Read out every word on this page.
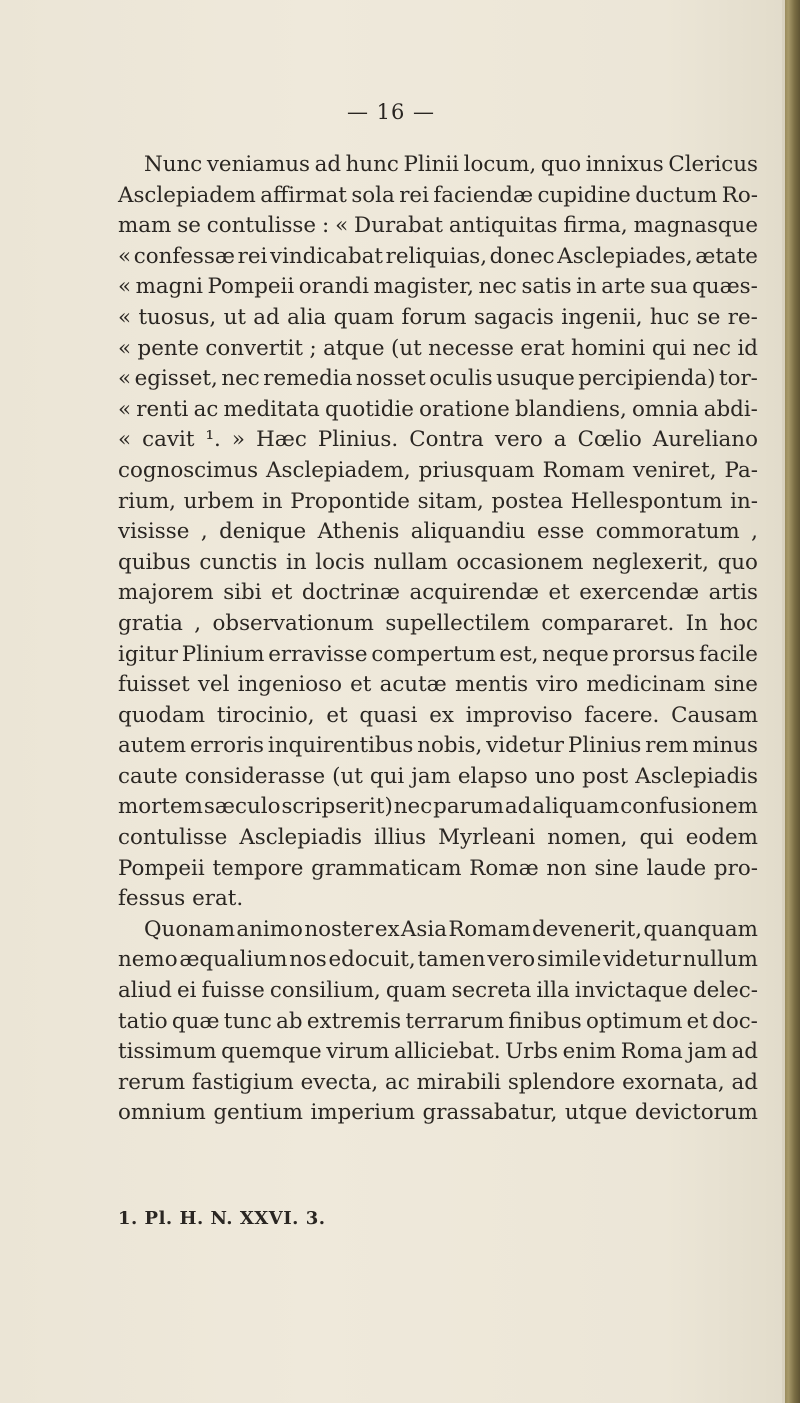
— 16 —
Nunc veniamus ad hunc Plinii locum, quo innixus Clericus
Asclepiadem affirmat sola rei faciendæ cupidine ductum Ro-
mam se contulisse : « Durabat antiquitas firma, magnasque
« confessæ rei vindicabat reliquias, donec Asclepiades, ætate
« magni Pompeii orandi magister, nec satis in arte sua quæs-
« tuosus, ut ad alia quam forum sagacis ingenii, huc se re-
« pente convertit ; atque (ut necesse erat homini qui nec id
« egisset, nec remedia nosset oculis usuque percipienda) tor-
« renti ac meditata quotidie oratione blandiens, omnia abdi-
« cavit ¹. » Hæc Plinius. Contra vero a Cœlio Aureliano
cognoscimus Asclepiadem, priusquam Romam veniret, Pa-
rium, urbem in Propontide sitam, postea Hellespontum in-
visisse , denique Athenis aliquandiu esse commoratum ,
quibus cunctis in locis nullam occasionem neglexerit, quo
majorem sibi et doctrinæ acquirendæ et exercendæ artis
gratia , observationum supellectilem compararet. In hoc
igitur Plinium erravisse compertum est, neque prorsus facile
fuisset vel ingenioso et acutæ mentis viro medicinam sine
quodam tirocinio, et quasi ex improviso facere. Causam
autem erroris inquirentibus nobis, videtur Plinius rem minus
caute considerasse (ut qui jam elapso uno post Asclepiadis
mortem sæculo scripserit) nec parum ad aliquam confusionem
contulisse Asclepiadis illius Myrleani nomen, qui eodem
Pompeii tempore grammaticam Romæ non sine laude pro-
fessus
erat.
Quonam animo noster ex Asia Romam devenerit, quanquam
nemo æqualium nos edocuit, tamen vero simile videtur nullum
aliud ei fuisse consilium, quam secreta illa invictaque delec-
tatio quæ tunc ab extremis terrarum finibus optimum et doc-
tissimum quemque virum alliciebat. Urbs enim Roma jam ad
rerum fastigium evecta, ac mirabili splendore exornata, ad
omnium gentium imperium grassabatur, utque devictorum
1. Pl. H. N. XXVI. 3.
